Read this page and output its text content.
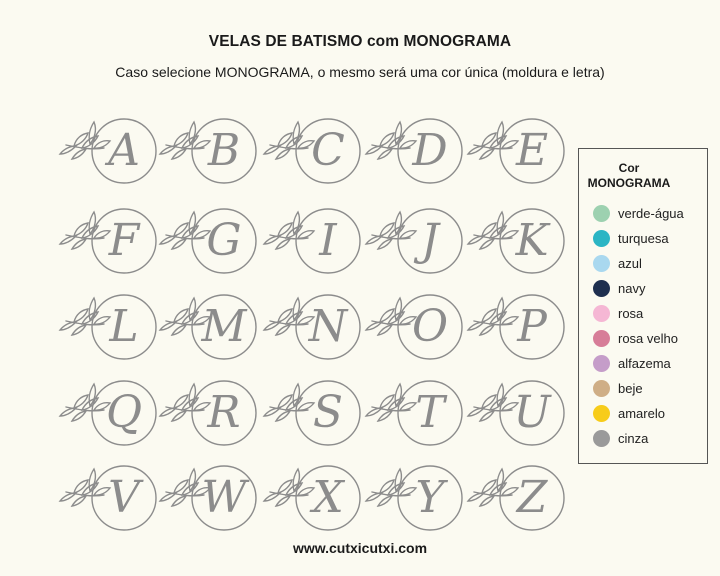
VELAS DE BATISMO com MONOGRAMA
Caso selecione MONOGRAMA, o mesmo será uma cor única (moldura e letra)
A	B	C D	E
F	G	I	J	K
L	M N O	P
Q	R	S	T	U
V	W	X	Y	Z
Cor
MONOGRAMA
verde-água
turquesa
azul
navy
rosa
rosa velho
alfazema
beje
amarelo
cinza
www.cutxicutxi.com
